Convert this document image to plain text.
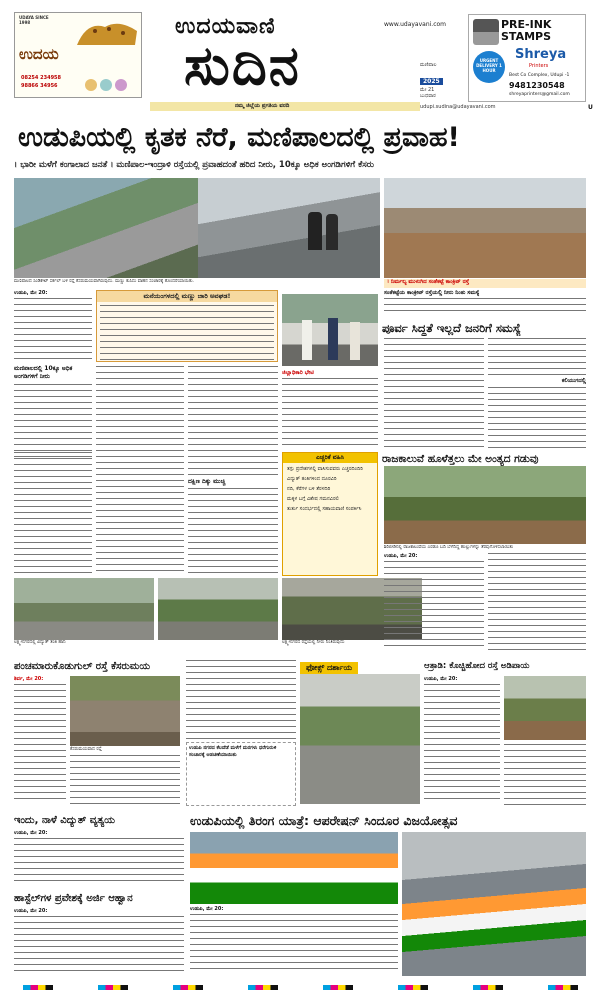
UDAYA SINCE 1998
ಉದಯ
08254 234958
98866 34956
ಉದಯವಾಣಿ	www.udayavani.com
ಸುದಿನ
ನಮ್ಮ ಜಿಲ್ಲೆಯ ಪ್ರಗತಿಯ ವರದಿ	udupi.sudina@udayavani.com
ಮಣಿಪಾಲ
2025
ಮೇ 21
ಬುಧವಾರ
PRE-INK STAMPS
URGENT DELIVERY 1 HOUR
Shreya
Printers
Best Co Complex, Udupi -1
9481230548
shreyaprinters@gmail.com
U
ಉಡುಪಿಯಲ್ಲಿ ಕೃತಕ ನೆರೆ, ಮಣಿಪಾಲದಲ್ಲಿ ಪ್ರವಾಹ!
। ಭಾರೀ ಮಳೆಗೆ ಕಂಗಾಲಾದ ಜನತೆ । ಮಣಿಪಾಲ-ಇಂದ್ರಾಳಿ ರಸ್ತೆಯಲ್ಲಿ ಪ್ರವಾಹದಂತೆ ಹರಿದ ನೀರು, 10ಕ್ಕೂ ಅಧಿಕ ಅಂಗಡಿಗಳಿಗೆ ಕೆಸರು
ಮಣಿಪಾಲದ ಸಿಂಡಿಕೇಟ್ ಸರ್ಕಲ್ ಬಳಿ ರಸ್ತೆ ಕೆಸರುಮಯವಾಗಿರುವುದು. ಮಣ್ಣು ಕುಸಿದು ವಾಹನ ಸಂಚಾರಕ್ಕೆ ತೊಂದರೆಯಾಯಿತು.	। ನಿರ್ಮಲ್ಯ ಮುಳುಗಿದ ಸಂತೆಕಟ್ಟೆ ಕಾಂಕ್ರಿಟ್ ರಸ್ತೆ
ಉಡುಪಿ, ಮೇ 20:
ಮಣಿಪಾಲದಲ್ಲಿ 10ಕ್ಕೂ ಅಧಿಕ ಅಂಗಡಿಗಳಿಗೆ ನೀರು
ಮನೆಯಂಗಳದಲ್ಲಿ ಮಣ್ಣು ಜಾರಿ ಅವಘಡ!
ದಕ್ಷಿಣ ದಿಕ್ಕು ಮುಚ್ಚಿ
ಲಕ್ಷ್ಮೀನಗರದಲ್ಲಿ ವಿದ್ಯುತ್ ತಂತಿ ಹಾನಿ	ಲಕ್ಷ್ಮೀನಗರದ ರಸ್ತೆಯಲ್ಲಿ ನೀರು ನಿಂತಿರುವುದು
ಸಂತೆಕಟ್ಟೆಯ ಕಾಂಕ್ರೀಟ್ ರಸ್ತೆಯಲ್ಲಿ ನೀರು ನಿಂತು ಸಮಸ್ಯೆ
ಪೂರ್ವ ಸಿದ್ಧತೆ ಇಲ್ಲದೆ ಜನರಿಗೆ ಸಮಸ್ಯೆ
ಜಿಲ್ಲಾಧಿಕಾರಿ ಭೇಟಿ
ಕಲಿಯುಗದಲ್ಲಿ
ಎಚ್ಚರಿಕೆ ವಹಿಸಿ
ತಗ್ಗು ಪ್ರದೇಶಗಳಲ್ಲಿ ವಾಸಿಸುವವರು ಎಚ್ಚರದಿಂದಿರಿ
ವಿದ್ಯುತ್ ತಂತಿಗಳಿಂದ ದೂರವಿರಿ
ನದಿ, ಕೆರೆಗಳ ಬಳಿ ತೆರಳದಿರಿ
ಮಕ್ಕಳ ಬಗ್ಗೆ ವಿಶೇಷ ಗಮನವಿರಲಿ
ತುರ್ತು ಸಂದರ್ಭದಲ್ಲಿ ಸಹಾಯವಾಣಿ ಸಂಪರ್ಕಿಸಿ
ರಾಜಕಾಲುವೆ ಹೂಳೆತ್ತಲು ಮೇ ಅಂತ್ಯದ ಗಡುವು
ಶಿರಿಬೀಡಿನಲ್ಲಿ ರಾಜಕಾಲುವೆಯ ಎರಡೂ ಬದಿ ಬೆಳೆದಿದ್ದ ಹುಲ್ಲುಗಳನ್ನು ತೆರವುಗೊಳಿಸಲಾಯಿತು
ಉಡುಪಿ, ಮೇ 20:
ಪಂಚಮಾರುಕೊಡುಗುಲ್ ರಸ್ತೆ ಕೆಸರುಮಯ
ಶಿರ್ವ, ಮೇ 20:
ಕೆಸರುಮಯವಾದ ರಸ್ತೆ
ಫೋಕ್ಸ್ ದರ್ಶಾಯ
ಉಡುಪಿ ನಗರದ ಕೆಲವೆಡೆ ಮಳೆಗೆ ಮರಗಳು ಧರೆಗುರುಳಿ ಸಂಚಾರಕ್ಕೆ ಅಡಚಣೆಯಾಯಿತು
ಆತ್ರಾಡಿ: ಕೊಚ್ಚಿಹೋದ ರಸ್ತೆ ಅಡಿಪಾಯ
ಉಡುಪಿ, ಮೇ 20:
ಇಂದು, ನಾಳೆ ವಿದ್ಯುತ್ ವ್ಯತ್ಯಯ
ಉಡುಪಿ, ಮೇ 20:
ಹಾಸ್ಟೆಲ್‌ಗಳ ಪ್ರವೇಶಕ್ಕೆ ಅರ್ಜಿ ಆಹ್ವಾನ
ಉಡುಪಿ, ಮೇ 20:
ಉಡುಪಿಯಲ್ಲಿ ತಿರಂಗ ಯಾತ್ರೆ: ಆಪರೇಷನ್ ಸಿಂದೂರ ವಿಜಯೋತ್ಸವ
ಉಡುಪಿ, ಮೇ 20:
